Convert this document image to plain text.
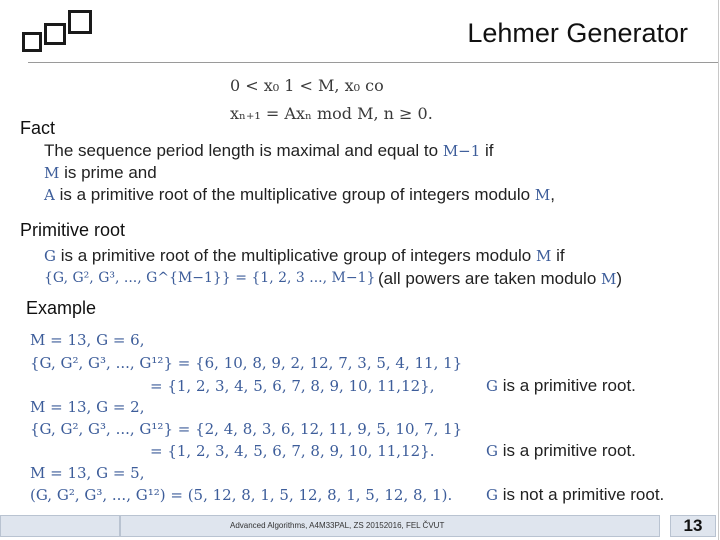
Lehmer Generator
0 < x₀ 1 < M, x₀ co
xₙ₊₁ = Axₙ mod M, n ≥ 0.
Fact
The sequence period length is maximal and equal to M−1 if
M is prime and
A is a primitive root of the multiplicative group of integers modulo M,
Primitive root
G is a primitive root of the multiplicative group of integers modulo M if
{G, G², G³, ..., G^{M−1}} = {1, 2, 3 ..., M−1} (all powers are taken modulo M)
Example
M = 13, G = 6,
{G, G², G³, ..., G¹²} = {6, 10, 8, 9, 2, 12, 7, 3, 5, 4, 11, 1}
= {1, 2, 3, 4, 5, 6, 7, 8, 9, 10, 11,12},	G is a primitive root.
M = 13, G = 2,
{G, G², G³, ..., G¹²} = {2, 4, 8, 3, 6, 12, 11, 9, 5, 10, 7, 1}
= {1, 2, 3, 4, 5, 6, 7, 8, 9, 10, 11,12}.	G is a primitive root.
M = 13, G = 5,
(G, G², G³, ..., G¹²) = (5, 12, 8, 1, 5, 12, 8, 1, 5, 12, 8, 1). G is not a primitive root.
Advanced Algorithms, A4M33PAL, ZS 20152016, FEL ČVUT	13
